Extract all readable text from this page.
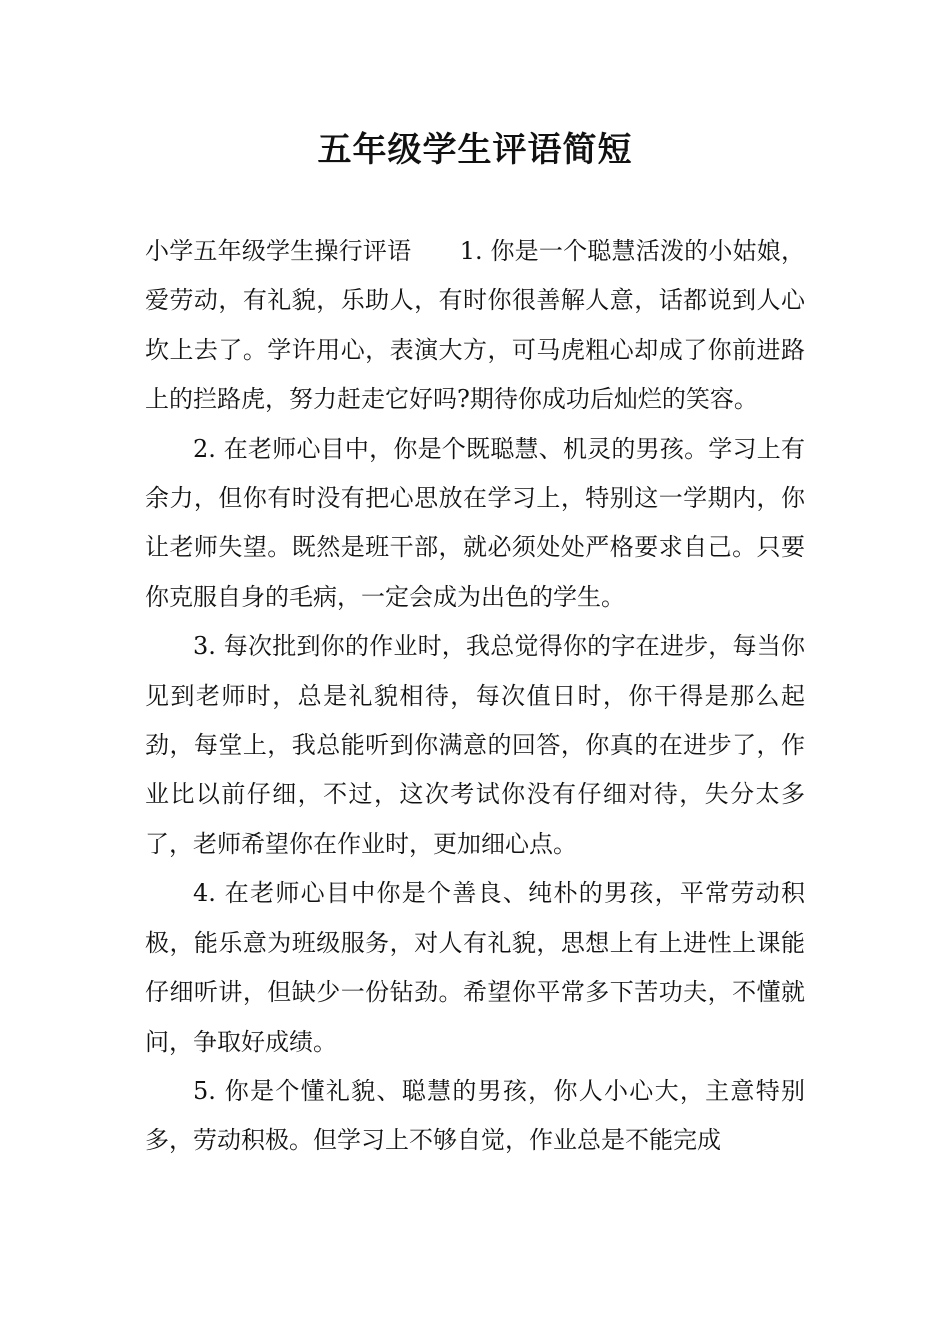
五年级学生评语简短

小学五年级学生操行评语　　1. 你是一个聪慧活泼的小姑娘，爱劳动，有礼貌，乐助人，有时你很善解人意，话都说到人心坎上去了。学许用心，表演大方，可马虎粗心却成了你前进路上的拦路虎，努力赶走它好吗?期待你成功后灿烂的笑容。

2. 在老师心目中，你是个既聪慧、机灵的男孩。学习上有余力，但你有时没有把心思放在学习上，特别这一学期内，你让老师失望。既然是班干部，就必须处处严格要求自己。只要你克服自身的毛病，一定会成为出色的学生。

3. 每次批到你的作业时，我总觉得你的字在进步，每当你见到老师时，总是礼貌相待，每次值日时，你干得是那么起劲，每堂上，我总能听到你满意的回答，你真的在进步了，作业比以前仔细，不过，这次考试你没有仔细对待，失分太多了，老师希望你在作业时，更加细心点。

4. 在老师心目中你是个善良、纯朴的男孩，平常劳动积极，能乐意为班级服务，对人有礼貌，思想上有上进性上课能仔细听讲，但缺少一份钻劲。希望你平常多下苦功夫，不懂就问，争取好成绩。

5. 你是个懂礼貌、聪慧的男孩，你人小心大，主意特别多，劳动积极。但学习上不够自觉，作业总是不能完成
